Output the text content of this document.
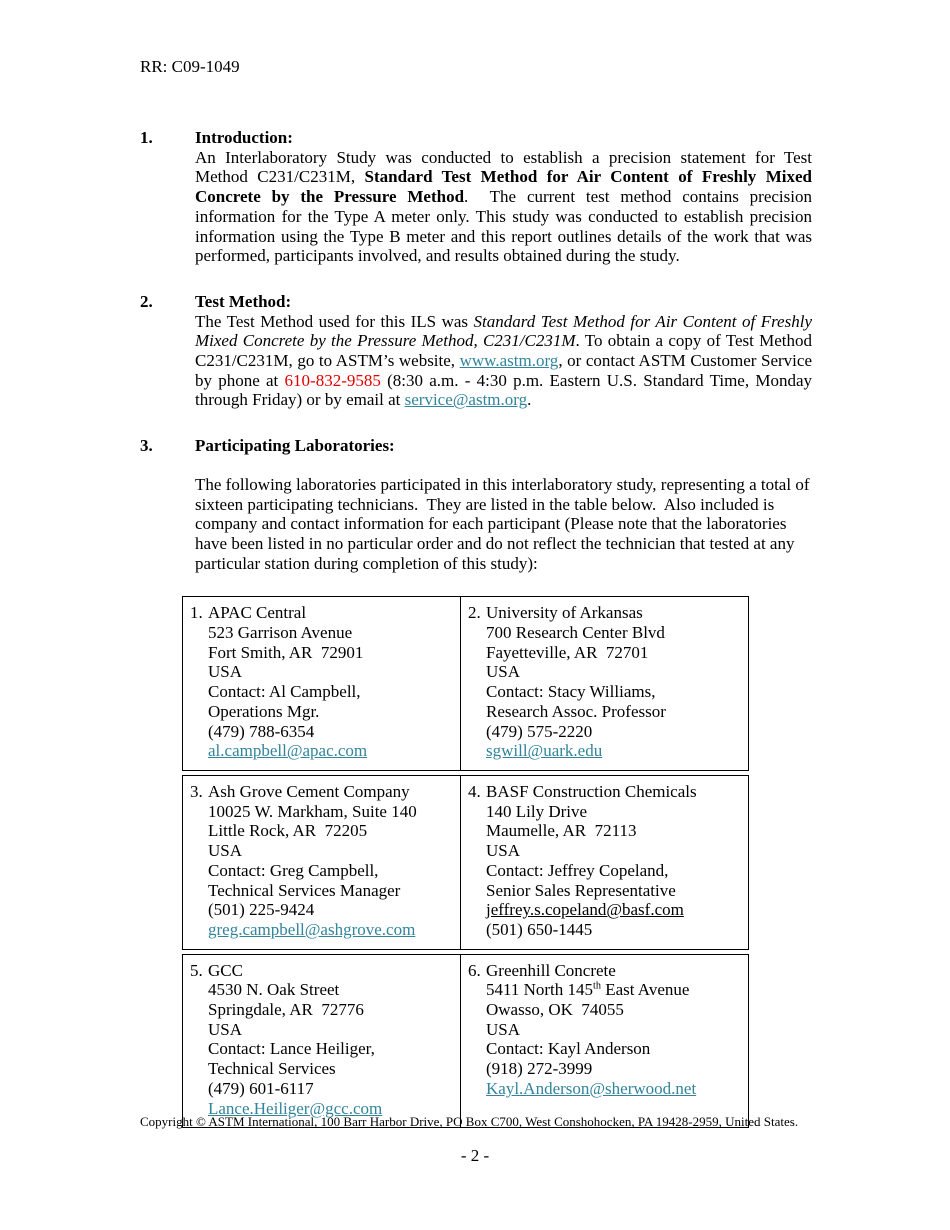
RR: C09-1049
1.	Introduction:

An Interlaboratory Study was conducted to establish a precision statement for Test Method C231/C231M, Standard Test Method for Air Content of Freshly Mixed Concrete by the Pressure Method.  The current test method contains precision information for the Type A meter only. This study was conducted to establish precision information using the Type B meter and this report outlines details of the work that was performed, participants involved, and results obtained during the study.

2.	Test Method:

The Test Method used for this ILS was Standard Test Method for Air Content of Freshly Mixed Concrete by the Pressure Method, C231/C231M. To obtain a copy of Test Method C231/C231M, go to ASTM’s website, www.astm.org, or contact ASTM Customer Service by phone at 610-832-9585 (8:30 a.m. - 4:30 p.m. Eastern U.S. Standard Time, Monday through Friday) or by email at service@astm.org.

3.	Participating Laboratories:

The following laboratories participated in this interlaboratory study, representing a total of sixteen participating technicians.  They are listed in the table below.  Also included is company and contact information for each participant (Please note that the laboratories have been listed in no particular order and do not reflect the technician that tested at any particular station during completion of this study):

1. APAC Central
523 Garrison Avenue
Fort Smith, AR  72901
USA
Contact: Al Campbell,
Operations Mgr.
(479) 788-6354
al.campbell@apac.com
2. University of Arkansas
700 Research Center Blvd
Fayetteville, AR  72701
USA
Contact: Stacy Williams,
Research Assoc. Professor
(479) 575-2220
sgwill@uark.edu
3. Ash Grove Cement Company
10025 W. Markham, Suite 140
Little Rock, AR  72205
USA
Contact: Greg Campbell,
Technical Services Manager
(501) 225-9424
greg.campbell@ashgrove.com
4. BASF Construction Chemicals
140 Lily Drive
Maumelle, AR  72113
USA
Contact: Jeffrey Copeland,
Senior Sales Representative
jeffrey.s.copeland@basf.com
(501) 650-1445
5. GCC
4530 N. Oak Street
Springdale, AR  72776
USA
Contact: Lance Heiliger,
Technical Services
(479) 601-6117
Lance.Heiliger@gcc.com
6. Greenhill Concrete
5411 North 145th East Avenue
Owasso, OK  74055
USA
Contact: Kayl Anderson
(918) 272-3999
Kayl.Anderson@sherwood.net
Copyright © ASTM International, 100 Barr Harbor Drive, PO Box C700, West Conshohocken, PA 19428-2959, United States.
- 2 -
